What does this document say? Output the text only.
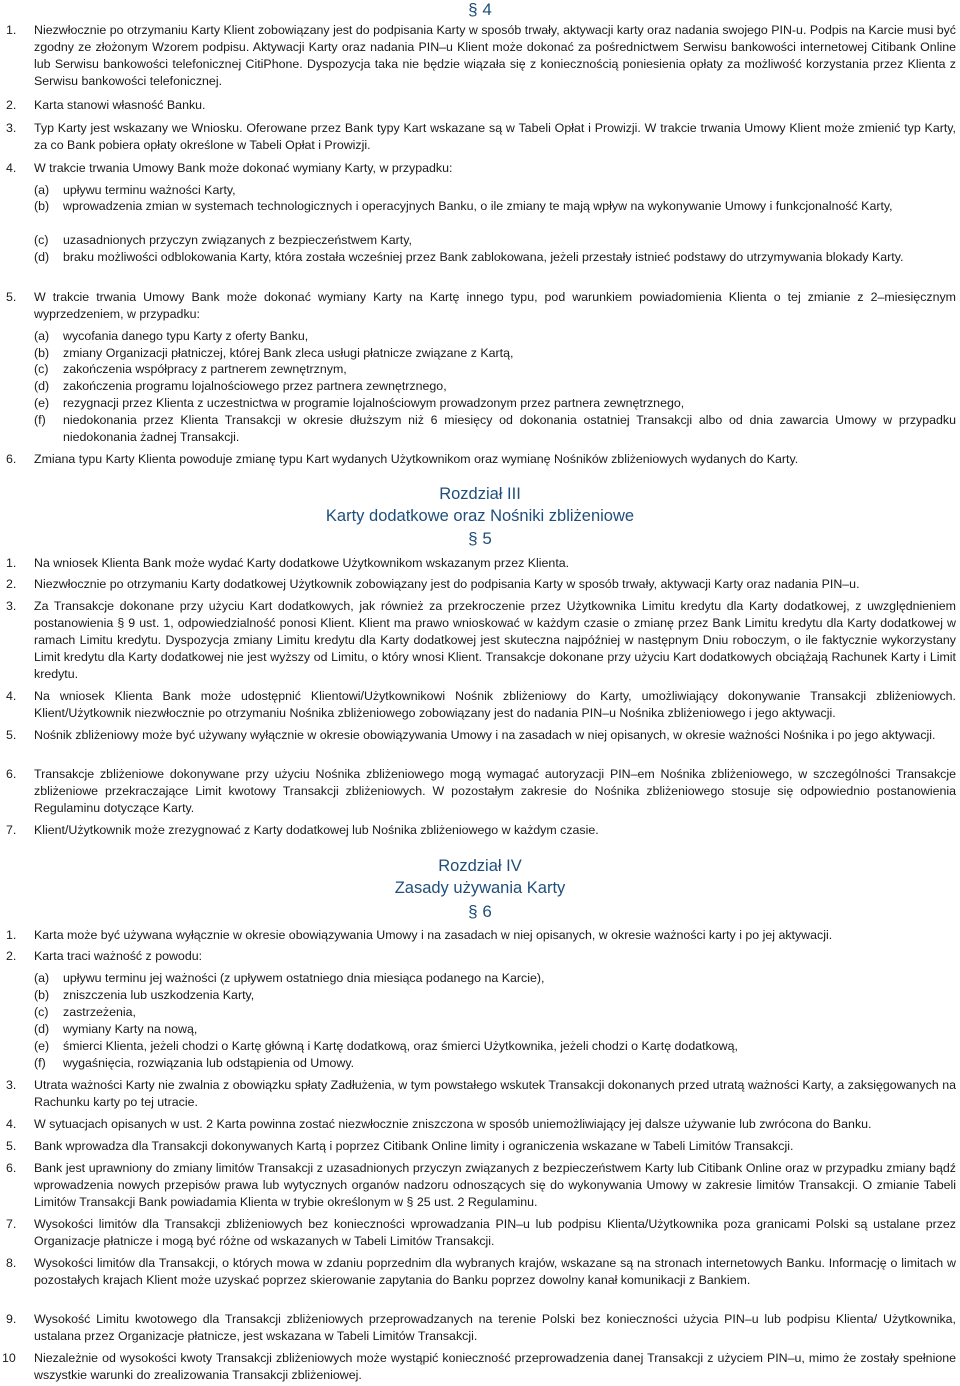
§ 4
1. Niezwłocznie po otrzymaniu Karty Klient zobowiązany jest do podpisania Karty w sposób trwały, aktywacji karty oraz nadania swojego PIN-u. Podpis na Karcie musi być zgodny ze złożonym Wzorem podpisu. Aktywacji Karty oraz nadania PIN–u Klient może dokonać za pośrednictwem Serwisu bankowości internetowej Citibank Online lub Serwisu bankowości telefonicznej CitiPhone. Dyspozycja taka nie będzie wiązała się z koniecznością poniesienia opłaty za możliwość korzystania przez Klienta z Serwisu bankowości telefonicznej.
2. Karta stanowi własność Banku.
3. Typ Karty jest wskazany we Wniosku. Oferowane przez Bank typy Kart wskazane są w Tabeli Opłat i Prowizji. W trakcie trwania Umowy Klient może zmienić typ Karty, za co Bank pobiera opłaty określone w Tabeli Opłat i Prowizji.
4. W trakcie trwania Umowy Bank może dokonać wymiany Karty, w przypadku:
(a) upływu terminu ważności Karty,
(b) wprowadzenia zmian w systemach technologicznych i operacyjnych Banku, o ile zmiany te mają wpływ na wykonywanie Umowy i funkcjonalność Karty,
(c) uzasadnionych przyczyn związanych z bezpieczeństwem Karty,
(d) braku możliwości odblokowania Karty, która została wcześniej przez Bank zablokowana, jeżeli przestały istnieć podstawy do utrzymywania blokady Karty.
5. W trakcie trwania Umowy Bank może dokonać wymiany Karty na Kartę innego typu, pod warunkiem powiadomienia Klienta o tej zmianie z 2–miesięcznym wyprzedzeniem, w przypadku:
(a) wycofania danego typu Karty z oferty Banku,
(b) zmiany Organizacji płatniczej, której Bank zleca usługi płatnicze związane z Kartą,
(c) zakończenia współpracy z partnerem zewnętrznym,
(d) zakończenia programu lojalnościowego przez partnera zewnętrznego,
(e) rezygnacji przez Klienta z uczestnictwa w programie lojalnościowym prowadzonym przez partnera zewnętrznego,
(f) niedokonania przez Klienta Transakcji w okresie dłuższym niż 6 miesięcy od dokonania ostatniej Transakcji albo od dnia zawarcia Umowy w przypadku niedokonania żadnej Transakcji.
6. Zmiana typu Karty Klienta powoduje zmianę typu Kart wydanych Użytkownikom oraz wymianę Nośników zbliżeniowych wydanych do Karty.
Rozdział III
Karty dodatkowe oraz Nośniki zbliżeniowe
§ 5
1. Na wniosek Klienta Bank może wydać Karty dodatkowe Użytkownikom wskazanym przez Klienta.
2. Niezwłocznie po otrzymaniu Karty dodatkowej Użytkownik zobowiązany jest do podpisania Karty w sposób trwały, aktywacji Karty oraz nadania PIN–u.
3. Za Transakcje dokonane przy użyciu Kart dodatkowych, jak również za przekroczenie przez Użytkownika Limitu kredytu dla Karty dodatkowej, z uwzględnieniem postanowienia § 9 ust. 1, odpowiedzialność ponosi Klient. Klient ma prawo wnioskować w każdym czasie o zmianę przez Bank Limitu kredytu dla Karty dodatkowej w ramach Limitu kredytu. Dyspozycja zmiany Limitu kredytu dla Karty dodatkowej jest skuteczna najpóźniej w następnym Dniu roboczym, o ile faktycznie wykorzystany Limit kredytu dla Karty dodatkowej nie jest wyższy od Limitu, o który wnosi Klient. Transakcje dokonane przy użyciu Kart dodatkowych obciążają Rachunek Karty i Limit kredytu.
4. Na wniosek Klienta Bank może udostępnić Klientowi/Użytkownikowi Nośnik zbliżeniowy do Karty, umożliwiający dokonywanie Transakcji zbliżeniowych. Klient/Użytkownik niezwłocznie po otrzymaniu Nośnika zbliżeniowego zobowiązany jest do nadania PIN–u Nośnika zbliżeniowego i jego aktywacji.
5. Nośnik zbliżeniowy może być używany wyłącznie w okresie obowiązywania Umowy i na zasadach w niej opisanych, w okresie ważności Nośnika i po jego aktywacji.
6. Transakcje zbliżeniowe dokonywane przy użyciu Nośnika zbliżeniowego mogą wymagać autoryzacji PIN–em Nośnika zbliżeniowego, w szczególności Transakcje zbliżeniowe przekraczające Limit kwotowy Transakcji zbliżeniowych. W pozostałym zakresie do Nośnika zbliżeniowego stosuje się odpowiednio postanowienia Regulaminu dotyczące Karty.
7. Klient/Użytkownik może zrezygnować z Karty dodatkowej lub Nośnika zbliżeniowego w każdym czasie.
Rozdział IV
Zasady używania Karty
§ 6
1. Karta może być używana wyłącznie w okresie obowiązywania Umowy i na zasadach w niej opisanych, w okresie ważności karty i po jej aktywacji.
2. Karta traci ważność z powodu:
(a) upływu terminu jej ważności (z upływem ostatniego dnia miesiąca podanego na Karcie),
(b) zniszczenia lub uszkodzenia Karty,
(c) zastrzeżenia,
(d) wymiany Karty na nową,
(e) śmierci Klienta, jeżeli chodzi o Kartę główną i Kartę dodatkową, oraz śmierci Użytkownika, jeżeli chodzi o Kartę dodatkową,
(f) wygaśnięcia, rozwiązania lub odstąpienia od Umowy.
3. Utrata ważności Karty nie zwalnia z obowiązku spłaty Zadłużenia, w tym powstałego wskutek Transakcji dokonanych przed utratą ważności Karty, a zaksięgowanych na Rachunku karty po tej utracie.
4. W sytuacjach opisanych w ust. 2 Karta powinna zostać niezwłocznie zniszczona w sposób uniemożliwiający jej dalsze używanie lub zwrócona do Banku.
5. Bank wprowadza dla Transakcji dokonywanych Kartą i poprzez Citibank Online limity i ograniczenia wskazane w Tabeli Limitów Transakcji.
6. Bank jest uprawniony do zmiany limitów Transakcji z uzasadnionych przyczyn związanych z bezpieczeństwem Karty lub Citibank Online oraz w przypadku zmiany bądź wprowadzenia nowych przepisów prawa lub wytycznych organów nadzoru odnoszących się do wykonywania Umowy w zakresie limitów Transakcji. O zmianie Tabeli Limitów Transakcji Bank powiadamia Klienta w trybie określonym w § 25 ust. 2 Regulaminu.
7. Wysokości limitów dla Transakcji zbliżeniowych bez konieczności wprowadzania PIN–u lub podpisu Klienta/Użytkownika poza granicami Polski są ustalane przez Organizacje płatnicze i mogą być różne od wskazanych w Tabeli Limitów Transakcji.
8. Wysokości limitów dla Transakcji, o których mowa w zdaniu poprzednim dla wybranych krajów, wskazane są na stronach internetowych Banku. Informację o limitach w pozostałych krajach Klient może uzyskać poprzez skierowanie zapytania do Banku poprzez dowolny kanał komunikacji z Bankiem.
9. Wysokość Limitu kwotowego dla Transakcji zbliżeniowych przeprowadzanych na terenie Polski bez konieczności użycia PIN–u lub podpisu Klienta/ Użytkownika, ustalana przez Organizacje płatnicze, jest wskazana w Tabeli Limitów Transakcji.
10 Niezależnie od wysokości kwoty Transakcji zbliżeniowych może wystąpić konieczność przeprowadzenia danej Transakcji z użyciem PIN–u, mimo że zostały spełnione wszystkie warunki do zrealizowania Transakcji zbliżeniowej.
